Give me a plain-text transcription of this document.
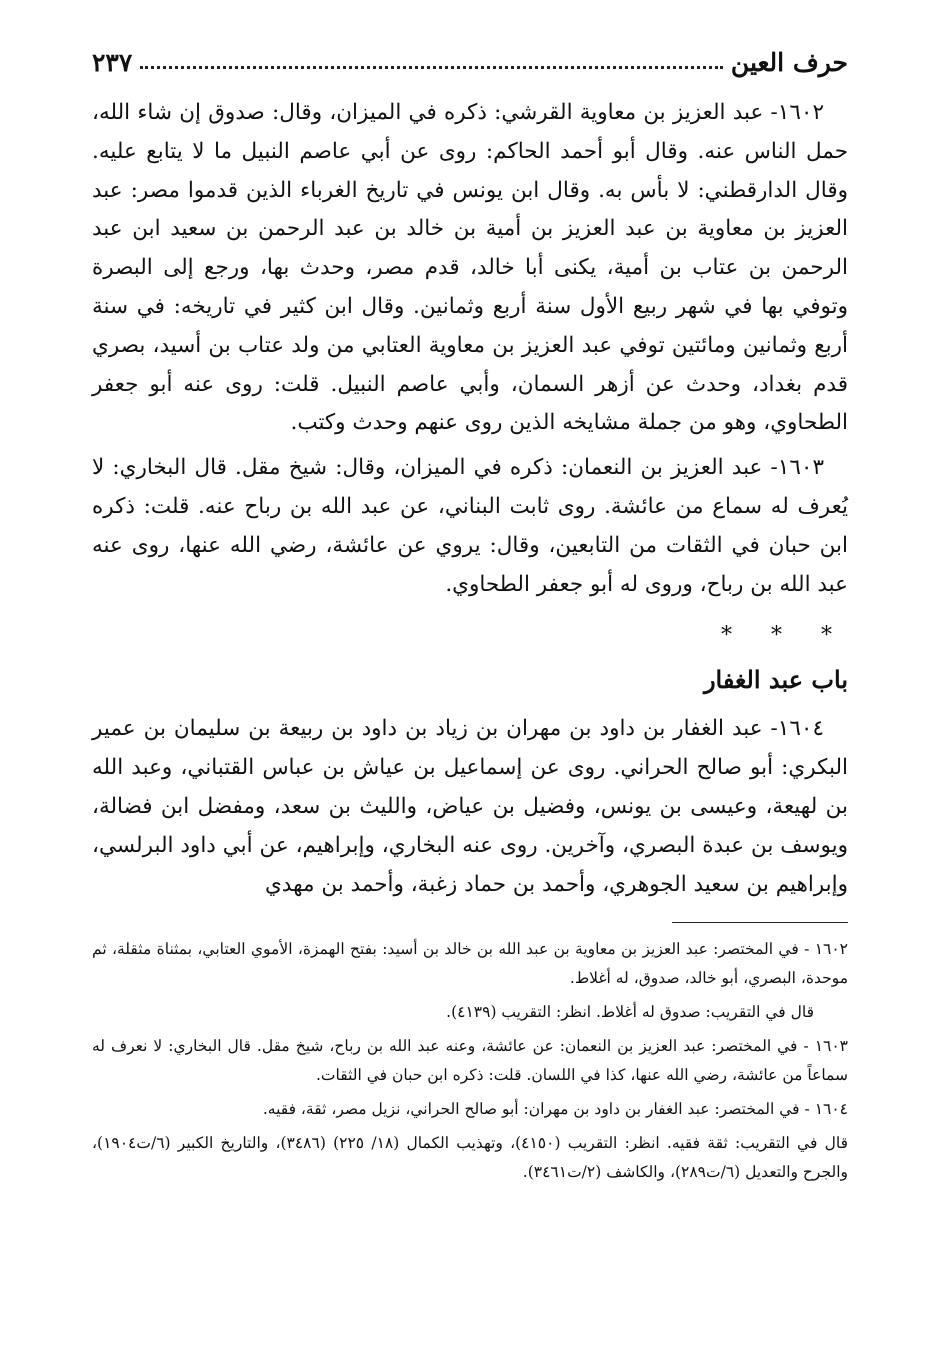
حرف العين
٢٣٧

١٦٠٢- عبد العزيز بن معاوية القرشي: ذكره في الميزان، وقال: صدوق إن شاء الله، حمل الناس عنه. وقال أبو أحمد الحاكم: روى عن أبي عاصم النبيل ما لا يتابع عليه. وقال الدارقطني: لا بأس به. وقال ابن يونس في تاريخ الغرباء الذين قدموا مصر: عبد العزيز بن معاوية بن عبد العزيز بن أمية بن خالد بن عبد الرحمن بن سعيد ابن عبد الرحمن بن عتاب بن أمية، يكنى أبا خالد، قدم مصر، وحدث بها، ورجع إلى البصرة وتوفي بها في شهر ربيع الأول سنة أربع وثمانين. وقال ابن كثير في تاريخه: في سنة أربع وثمانين ومائتين توفي عبد العزيز بن معاوية العتابي من ولد عتاب بن أسيد، بصري قدم بغداد، وحدث عن أزهر السمان، وأبي عاصم النبيل. قلت: روى عنه أبو جعفر الطحاوي، وهو من جملة مشايخه الذين روى عنهم وحدث وكتب.

١٦٠٣- عبد العزيز بن النعمان: ذكره في الميزان، وقال: شيخ مقل. قال البخاري: لا يُعرف له سماع من عائشة. روى ثابت البناني، عن عبد الله بن رباح عنه. قلت: ذكره ابن حبان في الثقات من التابعين، وقال: يروي عن عائشة، رضي الله عنها، روى عنه عبد الله بن رباح، وروى له أبو جعفر الطحاوي.

* * *
باب عبد الغفار

١٦٠٤- عبد الغفار بن داود بن مهران بن زياد بن داود بن ربيعة بن سليمان بن عمير البكري: أبو صالح الحراني. روى عن إسماعيل بن عياش بن عباس القتباني، وعبد الله بن لهيعة، وعيسى بن يونس، وفضيل بن عياض، والليث بن سعد، ومفضل ابن فضالة، ويوسف بن عبدة البصري، وآخرين. روى عنه البخاري، وإبراهيم، عن أبي داود البرلسي، وإبراهيم بن سعيد الجوهري، وأحمد بن حماد زغبة، وأحمد بن مهدي

١٦٠٢ - في المختصر: عبد العزيز بن معاوية بن عبد الله بن خالد بن أسيد: بفتح الهمزة، الأموي العتابي، بمثناة مثقلة، ثم موحدة، البصري، أبو خالد، صدوق، له أغلاط.

قال في التقريب: صدوق له أغلاط. انظر: التقريب (٤١٣٩).

١٦٠٣ - في المختصر: عبد العزيز بن النعمان: عن عائشة، وعنه عبد الله بن رباح، شيخ مقل. قال البخاري: لا نعرف له سماعاً من عائشة، رضي الله عنها، كذا في اللسان. قلت: ذكره ابن حبان في الثقات.

١٦٠٤ - في المختصر: عبد الغفار بن داود بن مهران: أبو صالح الحراني، نزيل مصر، ثقة، فقيه.

قال في التقريب: ثقة فقيه. انظر: التقريب (٤١٥٠)، وتهذيب الكمال (١٨/ ٢٢٥) (٣٤٨٦)، والتاريخ الكبير (٦/ت١٩٠٤)، والجرح والتعديل (٦/ت٢٨٩)، والكاشف (٢/ت٣٤٦١).
